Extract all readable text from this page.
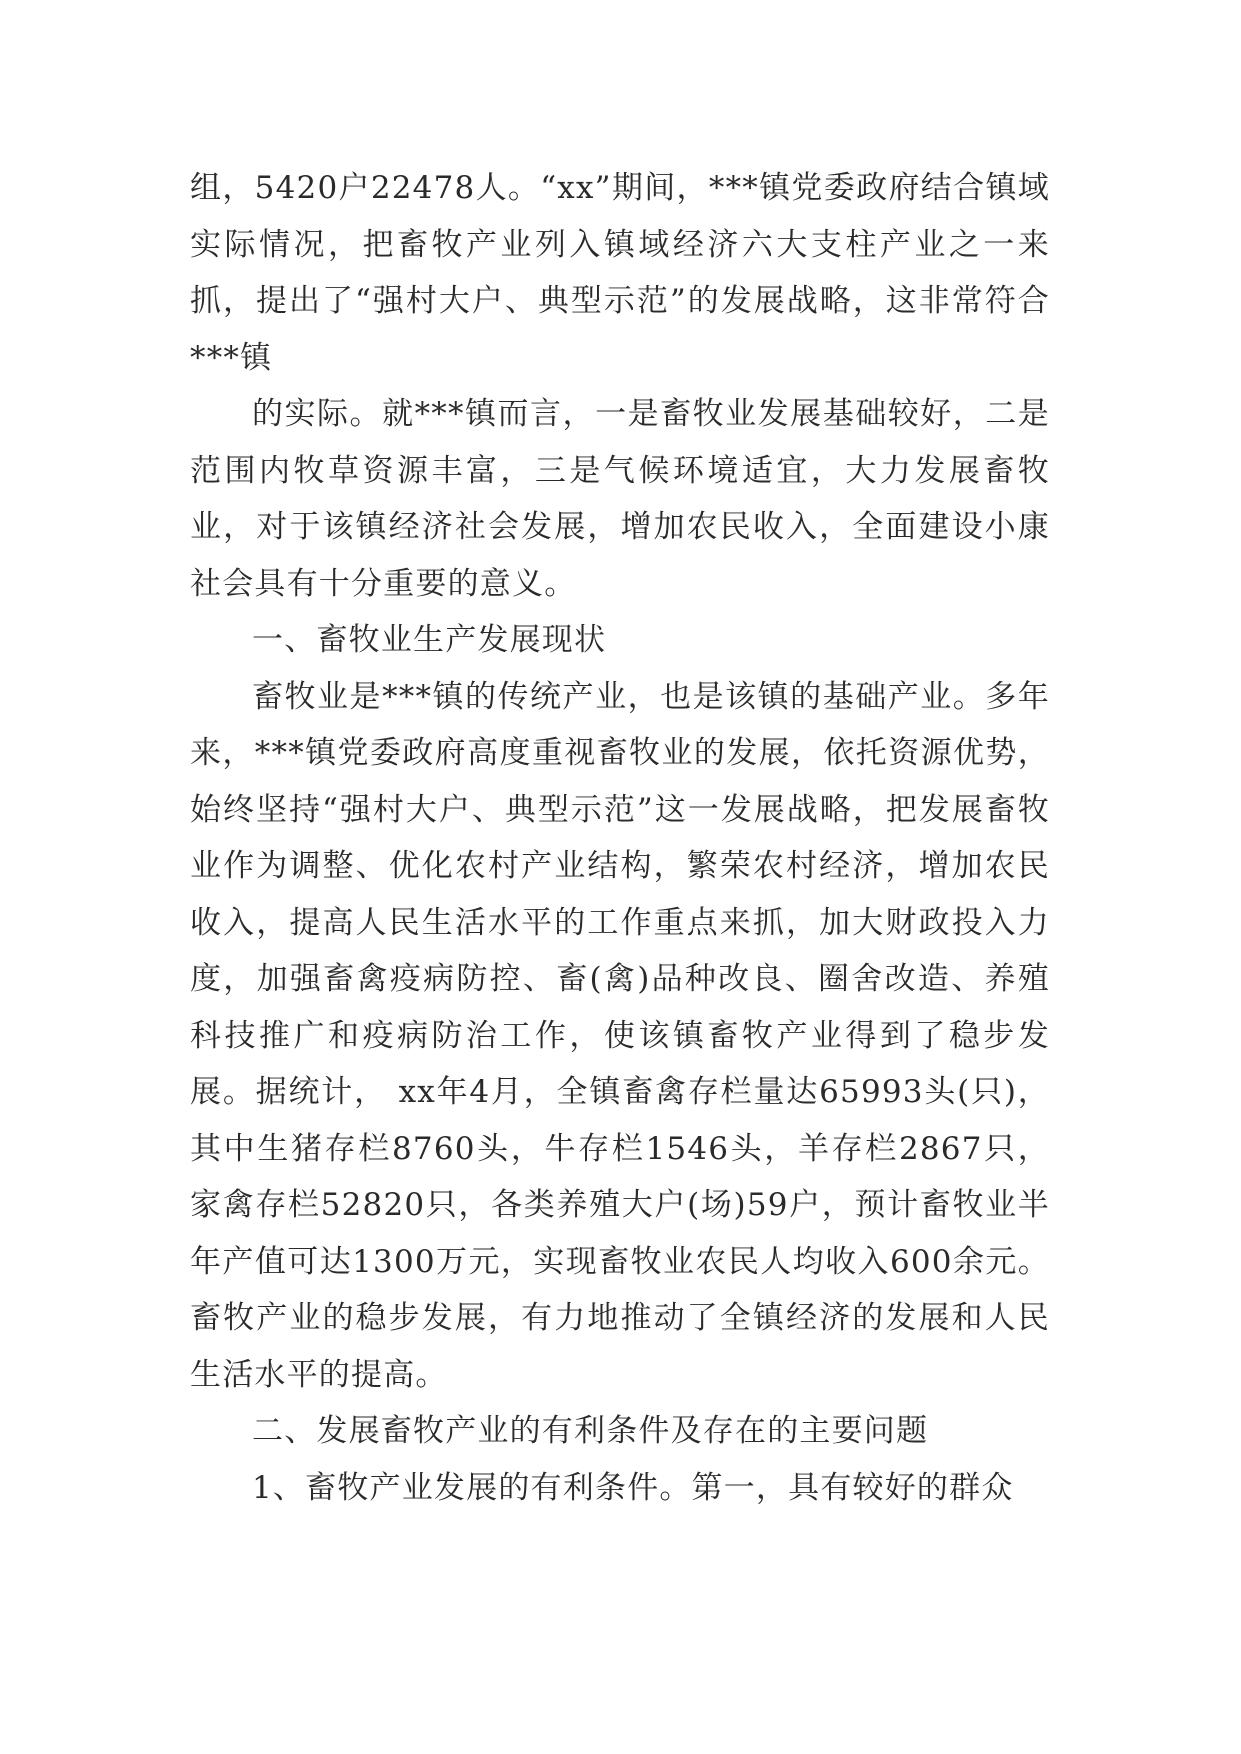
组，5420户22478人。“xx”期间，***镇党委政府结合镇域实际情况，把畜牧产业列入镇域经济六大支柱产业之一来抓，提出了“强村大户、典型示范”的发展战略，这非常符合***镇

的实际。就***镇而言，一是畜牧业发展基础较好，二是范围内牧草资源丰富，三是气候环境适宜，大力发展畜牧业，对于该镇经济社会发展，增加农民收入，全面建设小康社会具有十分重要的意义。

一、畜牧业生产发展现状

畜牧业是***镇的传统产业，也是该镇的基础产业。多年来，***镇党委政府高度重视畜牧业的发展，依托资源优势，始终坚持“强村大户、典型示范”这一发展战略，把发展畜牧业作为调整、优化农村产业结构，繁荣农村经济，增加农民收入，提高人民生活水平的工作重点来抓，加大财政投入力度，加强畜禽疫病防控、畜(禽)品种改良、圈舍改造、养殖科技推广和疫病防治工作，使该镇畜牧产业得到了稳步发展。据统计， xx年4月，全镇畜禽存栏量达65993头(只)，其中生猪存栏8760头，牛存栏1546头，羊存栏2867只，家禽存栏52820只，各类养殖大户(场)59户，预计畜牧业半年产值可达1300万元，实现畜牧业农民人均收入600余元。畜牧产业的稳步发展，有力地推动了全镇经济的发展和人民生活水平的提高。

二、发展畜牧产业的有利条件及存在的主要问题

1、畜牧产业发展的有利条件。第一，具有较好的群众
